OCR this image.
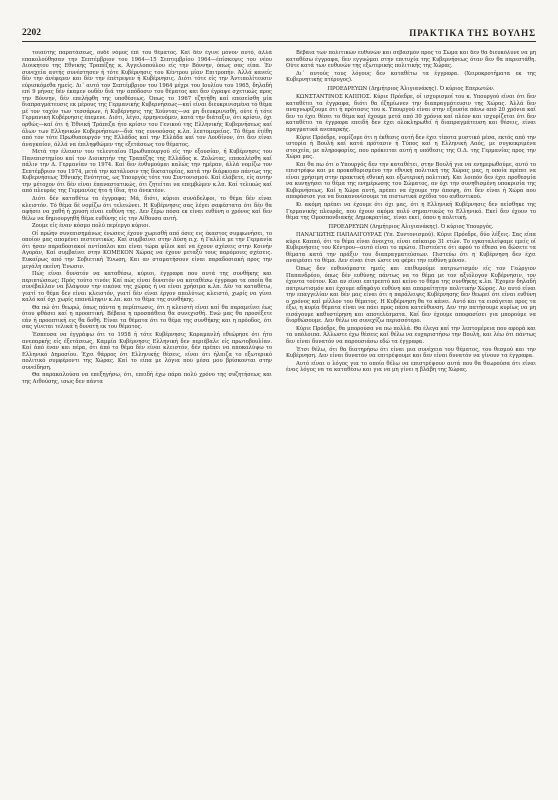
2202	ΠΡΑΚΤΙΚΑ ΤΗΣ ΒΟΥΛΗΣ

τοιαύτης παρατάσεως, ουδέ νόμος έπί του θέματος. Καί δέν έγινε μόνον αυτό, άλλά επακολούθησαν την Σεπτέμβριον του 1964—15 Σεπτεμβρίου 1964—έπίσκεψις του νέου Διοικητου της Εθνικής Τραπέζης κ. Άγγελοπούλου είς την Βόννην, όπως σας είπα. Έν συνεχεία αυτής συνέστησεν ή τότε Κυβέρνησις του Κέντρου μίαν Επιτροπήν. Άλλά κανείς δέν την άνέφερεν και δέν την έπέτρεψεν ή Κυβέρνησις. Διότι τότε είς την Άντιπολίτευσιν εύρισκόμεθα ημείς. Δι᾽ αυτό τον Σεπτέμβριον του 1964 μέχρι του Ιουλίου του 1965, δηλαδή επί 9 μήνας δέν έκαμεν ουδέν διά την απόδοσιν του θέματος και δεν έγραψε σχετικώς προς την Βόννην, δέν επελήφθη της υποθέσεως. Όπως το 1967 εζητήθη καί επεσείσθη μία διαπραγμάτευσις εκ μέρους της Γερμανικής Κυβερνήσεως—καί είναι διευκρινισμένα τό θέμα μέ τον ταχύν των τεσσάρων, ή Κυβέρνησις της Χούντας—να μη διευκρινισθή, ούτε ή τότε Γερμανική Κυβέρνησις έπεμενε. Διότι, λέγει, έρμηνευόμεν, κατά την διάταξιν, ότι κρίσιν, όχι ορθώς—καί ότι ή Έθνική Τράπεζα ήτο κρίσιν του Γενικού της Ελληνικής Κυβερνήσεως καί όλων των Ελληνικών Κυβερνήσεων—διά τας ευνοούσας κ.λπ. λεπτομερείας. Τό θέμα έτέθη από τον τότε Πρωθυπουργόν της Ελλάδος καί την Ελλάδα καί τον Λονδίνον, ότι δεν είναι άναγκαίον, άλλά να έπιληφθώμεν της εξετάσεως του θέματος.

Μετά την έλευσιν του τελευταίου Πρωθυπουργού είς την εξουσίαν, ή Κυβέρνησις του Πανεπιστημίου καί τον Διοικητήν της Τραπέζης της Ελλάδος κ. Ζολώτας, επεκαλέσθη καί πάλιν την Δ. Γερμανίαν το 1974. Καί δεν ένθυμούμαι καλώς την ημέραν, άλλά νομίζω τον Σεπτέμβριον του 1974, μετά την κατάλυσιν της δικτατορίας, κατά την διάρκειαν πάντως της Κυβερνήσεως Έθνικής Ενότητος, ως Υπουργός τότε του Συντονισμού. Καί έλάβετε, είς αυτήν την μέτοχον ότι δέν είναι έπαναστατικώς, ότι ζητείται να επεμβώμεν κ.λπ. Καί τελικώς καί από πλευράς της Γερμανίας ήτο ή ίδια, ήτο άνεκτέον.

Διότι δέν καταθέτω τα έγγραφα; Μά, διότι, κύριοι συνάδελφοι, το θέμα δέν είναι κλειστόν. Τό θέμα δέ νομίζω ότι τελειώνει. Η Κυβέρνησις σας λέγει σαφέστατα ότι δέν θα αφήσει να χαθή ή χρυσή είναι ευθύνη της. Δεν ξέρω πόσα εκ είναι ευθύνη ο χρόνος καί δεν θέλω να δημιουργηθή θέμα ευθύνης είς την Αίθουσα αυτή.

Ζουμε είς έναν κόσμο πολύ περίεργο κύριοι.

Οί πρώην συνεπισημάνως ένωσεις έχουν χωρισθή από όσες εις έκαστος συμφωνήσει, το οποίον μας απομένει πιστευτικώς. Καί συμβαίνει στην Δύση π.χ. ή Γαλλία με την Γερμανία ότι ήσαν παραδοσιακοί αντίπαλοι και είναι τώρα φίλοι καί να έχουν σχέσεις στην Κοινήν Αγοράν, Καί συμβαίνει στην ΚΟΜΕΚΟΝ Χώρας να έχουν μεταξύ τους παρόμοιες σχέσεις. Ευκαίρως από την Σοβιετική Ένωση, Και αν σταματήσουν είναι παραδοσιακή προς την μεγάλη εκείνη Ένωσιν.

Πώς είναι δυνατόν να καταθέσω, κύριοι, έγγραφα που αυτά της συνθήκης και περιπτώσεως; Πρός τούτο τινόν; Καί πώς είναι δυνατόν να καταθέσω έγγραφα τα οποία θα συνέβαλλαν να βλάψουν την εικόνα της χώρας ή να είναι χρήσιμα κ.λπ. Δέν τα καταθέτω, γιατί το θέμα δεν είναι κλειστόν, γιατί δέν είναι έργον απολύτως κλειστό, χωρίς να γίνει καλό καί όχι χωρίς επανάληψιν κ.λπ. και το θέμα της συνθήκης.

Θα πώ ότι θεωρώ, όπως πάντα η περίπτωσις, ότι η κλειστή είναι καί θα παραμείνει έως ότου φθάσει καί η προοπτική. Βέβαια η προσπάθεια θα συνεχισθή. Ενώ μας θα προσέξετε εάν ή προοπτική εις θα δοθή. Είναι τα θέματα ότι το θέμα της συνθήκης και η πρόοδος, ότι σας γίνεται τελικά ή δυνατή εκ του θέματος.

Έσπευσα να έγγράψω ότι το 1958 ή τότε Κυβέρνησις Καραμανλή εθεώρησε ότι ήτο ανεπαρκής είς έξετάσεως, Καμμία Κυβέρνησις Ελληνική δεν περιέβαλε είς πρωτοβουλίαν. Καί άπό έναν και πέρα, ότι άπό το θέμα δέν είναι κλειστόν, δέν πρέπει να αποκαλύψω το Ελληνικό Δημοσίου. Έχει θάρρος ότι Ελληνικής θέσεις, είναι ότι ήλπιζα το εξωτερικό πολιτικό συμφέροντι της Χώρας. Καί το είπα με λόγια που μέσα μου βρίσκονται στην συνείδηση.

Θα παρακαλούσα να επεξηγήσω, ότι, επειδή έχω πάρα πολύ χρόνο της συζητήσεως και της Αιθούσης, ισως δεν πάντα

Βέβαια των πολιτικών ευθυνών και σεβασμόν προς το Σώμα και δεν θα διευκόλυνε να μη καταθέσω έγγραφα, δεν εγγυώμαι στην επιτυχία της Κυβερνήσεως όταν δεν θα παρεστάθη. Ούτε κατά των ευθυνών της εξωτερικής πολιτικής της Χώρας.

Δι᾽ αυτούς τους λόγους δεν καταθέτω τα έγγραφα. (Χειροκροτήματα εκ της Κυβερνητικής πτέρυγος).

ΠΡΟΕΔΡΕΥΩΝ (Δημήτριος Άλιγιανάκης). Ό κύριος Επερωτών.

ΚΩΝΣΤΑΝΤΙΝΟΣ ΚΑΠΠΟΣ. Κύριε Πρόεδρε, οί ισχυρισμοί του κ. Υπουργού είναι ότι δεν καταθέτει τα έγγραφα, διότι θα έζημίωνεν την διαπραγμάτευσιν της Χώρας. Άλλά δεν αναγνωρίζουμε ότι ή πρότασις του κ. Υπουργού είναι στην εξουσία πάνω από 20 χρόνια καί δεν το έχει θέσει το θέμα καί έχουμε μετά από 30 χρόνια καί πλέον και ισχυρίζεται ότι δεν καταθέτει τα έγγραφα επειδή δεν έχει ολοκληρωθεί ή διαπραγμάτευση και θέσεις, είναι πραγματικά ανεπαρκής.

Κύριε Πρόεδρε, νομίζομε ότι η έκθεσις αυτή δεν έχει τίποτα μυστικό μέσα, εκτός από την ιστορία ή Βουλή καί κατά πρότασιν ή Τύπος καί η Ελληνική Λαός, με συγκεκριμένα στοιχεία, με πληροφορίες, που πρόκειται αυτή η υπόθεσις της Ο.Δ. της Γερμανίας προς την Χώρα μας.

Και θα πω ότι ο Υπουργός δεν την καταθέτει, στην Βουλή για να ενημερωθούμε, αυτό το επιστρέφω και με προκαθορισμένο την εθνική πολιτική της Χώρας μας, η οποία πρέπει να είναι χρήσιμη στην πρακτική εθνική και εξωτερική πολιτική. Και λοιπόν δεν έχει προθεσμία να κυνηγήσει το θέμα της ενημέρωσης του Σώματος, αν όχι την συνηθισμένη υποκρισία της Κυβερνήσεως. Καί η Χώρα αυτή, πρέπει να έχουμε την άποψη, ότι δεν είναι ή Χώρα που αποφάσισε για να διακανονίσουμε τα πιστωτικά σχέδια του αυθεντικού.

Κι ακόμη πρέπει να έχουμε ότι όχι μας, ότι η Ελληνική Κυβέρνησις δεν πείσθηκε της Γερμανικής πλευράς, που έχουν ακόμα πολύ σημαντικώς το Ελληνικό. Εκεί δεν έχουν το θέμα της Ομοσπονδιακής Δημοκρατίας, είναι εκεί, όπου η πολιτική.

ΠΡΟΕΔΡΕΥΩΝ (Δημήτριος Άλιγιανάκης). Ό κύριος Υπουργός.

ΠΑΝΑΓΙΩΤΗΣ ΠΑΠΑΛΙΓΟΥΡΑΣ (Υπ. Συντονισμού). Κύριε Πρόεδρε, δύο λέξεις. Σας είπα κύριε Καππό, ότι το θέμα είναι άνοιχτο, είναι επίκαιρο 31 ετών. Το εγκαταλείψαμε εμείς οί Κυβερνήσεις του Κέντρου—αυτό είναι το πρώτο. Πιστεύετε ότι αφού το έθεσα να δώσετε τα θέματα κατά την πράξιν του διαπραγματεύσεων. Πιστεύω ότι η Κυβέρνηση δεν έχει αναιρέσει το θέμα. Δεν είναι έτσι ώστε να φέρει την ευθύνη μόνον.

Όπως δεν ευθυνόμαστε ημείς και επιθυμούμε πατριωτισμόν είς τον Γεώργιον Παπανδρέου, όπως δέν ευθύνης πάντως να το θέμα με τον αξιόλογον Κυβέρνησιν, τον έχοντα τούτον. Και αν είναι επιτρεπτό καί κείνο το θέμα της συνθήκης κ.λπ. Έχομεν δηλαδή πατριωτισμόν και έχουμε αδηφάγο ευθύνη και απαραίτητην πολιτικήν Χώρας. Αν αυτό είναι την επαγγελίαν και δέν μας είναι ότι η παράλειψις Κυβέρνησης δεν θεωρεί ότι είναι ευθύνη ο χρόνος καί μέλλον του θέματος. Η Κυβέρνηση θα το κάνει. Αυτό και τα εισάγεται προς τα έξω, η κυρία θέματα είναι να πάει προς πάσα κατεύθυνση. Δεν την πατήσουμε κυρίως να μη εισάγουμε καθυστέρηση και αποτελέσματα. Καί δεν έχουμε αποφασίσει για μπορούμε να διορθώσουμε. Δεν θέλω να συνεχίζω περισσότερο.

Κύριε Πρόεδρε, θα μπορούσα να πω πολλά. Θα έλεγα καί την λεπτομέρεια που αφορά και τα υπόλοιπα. Άλλωστε έχω θέσεις καί θέλω να ευχαριστήσω την Βουλή, και λέω ότι πάντως δεν είναι δυνατόν να παρουσιάσω εδώ τα έγγραφα.

Έτσι θέλω, ότι θα διατηρήσω ότι είναι μια συνέχεια του θέματος, του θεσμού και την Κυβέρνηση. Δεν είναι δυνατόν να επιτρέψουμε και δεν είναι δυνατόν να γίνουν τα έγγραφα.

Αυτό είναι ο λόγος για το οποίο θέλω να επιστρέψουν αυτά που θα θεωρούσα ότι είναι ένας λόγος να τα καταθέσω και για να μη γίνει η βλάβη της Χώρας.
